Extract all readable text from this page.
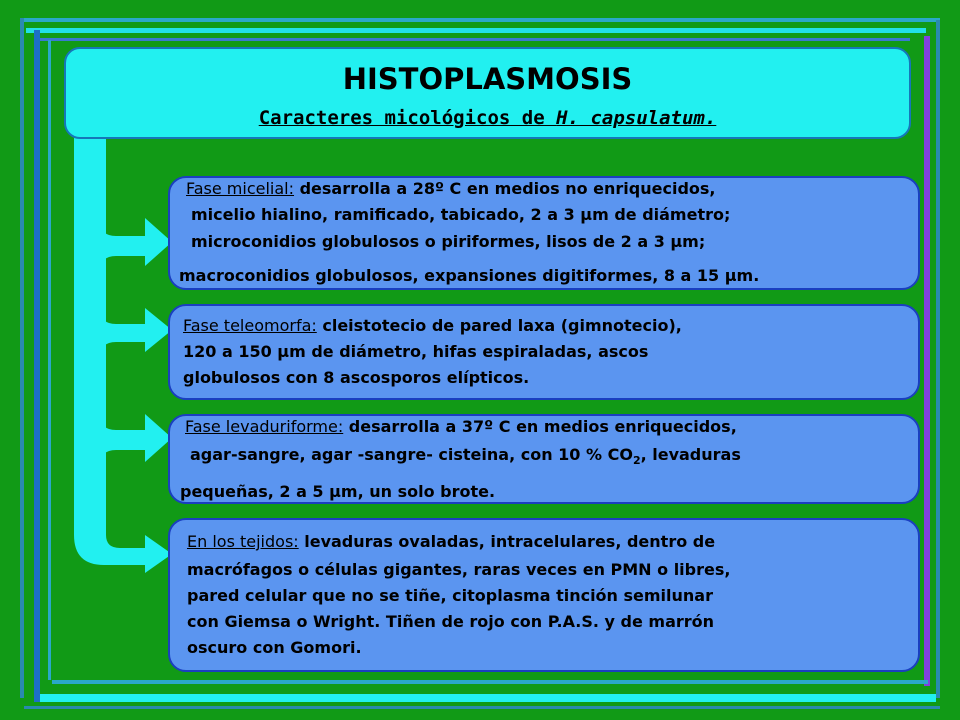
HISTOPLASMOSIS
Caracteres micológicos de H. capsulatum.
Fase micelial: desarrolla a 28º C en medios no enriquecidos,
micelio hialino, ramificado, tabicado, 2 a 3 µm de diámetro;
microconidios globulosos o piriformes, lisos de 2 a 3 µm;
macroconidios globulosos, expansiones digitiformes, 8 a 15 µm.
Fase teleomorfa: cleistotecio de pared laxa (gimnotecio),
120 a 150 µm de diámetro, hifas espiraladas, ascos
globulosos con 8 ascosporos elípticos.
Fase levaduriforme: desarrolla a 37º C en medios enriquecidos,
agar-sangre, agar -sangre- cisteina, con 10 % $CO_2$, levaduras
pequeñas, 2 a 5 µm, un solo brote.
En los tejidos: levaduras ovaladas, intracelulares, dentro de
macrófagos o células gigantes, raras veces en PMN o libres,
pared celular que no se tiñe, citoplasma tinción semilunar
con Giemsa o Wright. Tiñen de rojo con P.A.S. y de marrón
oscuro con Gomori.
